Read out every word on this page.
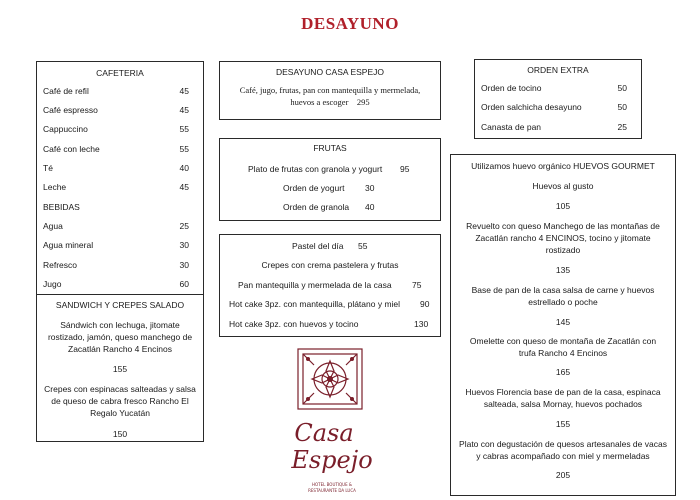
DESAYUNO
CAFETERIA
Café de refil	45
Café espresso	45
Cappuccino	55
Café con leche	55
Té	40
Leche	45
BEBIDAS
Agua	25
Agua mineral	30
Refresco	30
Jugo	60
SANDWICH Y CREPES SALADO
Sándwich con lechuga, jitomate
rostizado, jamón, queso manchego de
Zacatlán Rancho 4 Encinos
155
Crepes con espinacas salteadas y salsa
de queso de cabra fresco Rancho El
Regalo Yucatán
150
DESAYUNO CASA ESPEJO
Café, jugo, frutas, pan con mantequilla y mermelada,
huevos a escoger 295
FRUTAS
Plato de frutas con granola y yogurt 95
Orden de yogurt 30
Orden de granola 40
Pastel del día 55
Crepes con crema pastelera y frutas
Pan mantequilla y mermelada de la casa 75
Hot cake 3pz. con mantequilla, plátano y miel 90
Hot cake 3pz. con huevos y tocino	130
ORDEN EXTRA
Orden de tocino	50
Orden salchicha desayuno	50
Canasta de pan	25
Utilizamos huevo orgánico HUEVOS GOURMET
Huevos al gusto
105
Revuelto con queso Manchego de las montañas de
Zacatlán rancho 4 ENCINOS, tocino y jitomate
rostizado
135
Base de pan de la casa salsa de carne y huevos
estrellado o poche
145
Omelette con queso de montaña de Zacatlán con
trufa Rancho 4 Encinos
165
Huevos Florencia base de pan de la casa, espinaca
salteada, salsa Mornay, huevos pochados
155
Plato con degustación de quesos artesanales de vacas
y cabras acompañado con miel y mermeladas
205
Casa
Espejo
HOTEL BOUTIQUE &
RESTAURANTE DA LUCA
